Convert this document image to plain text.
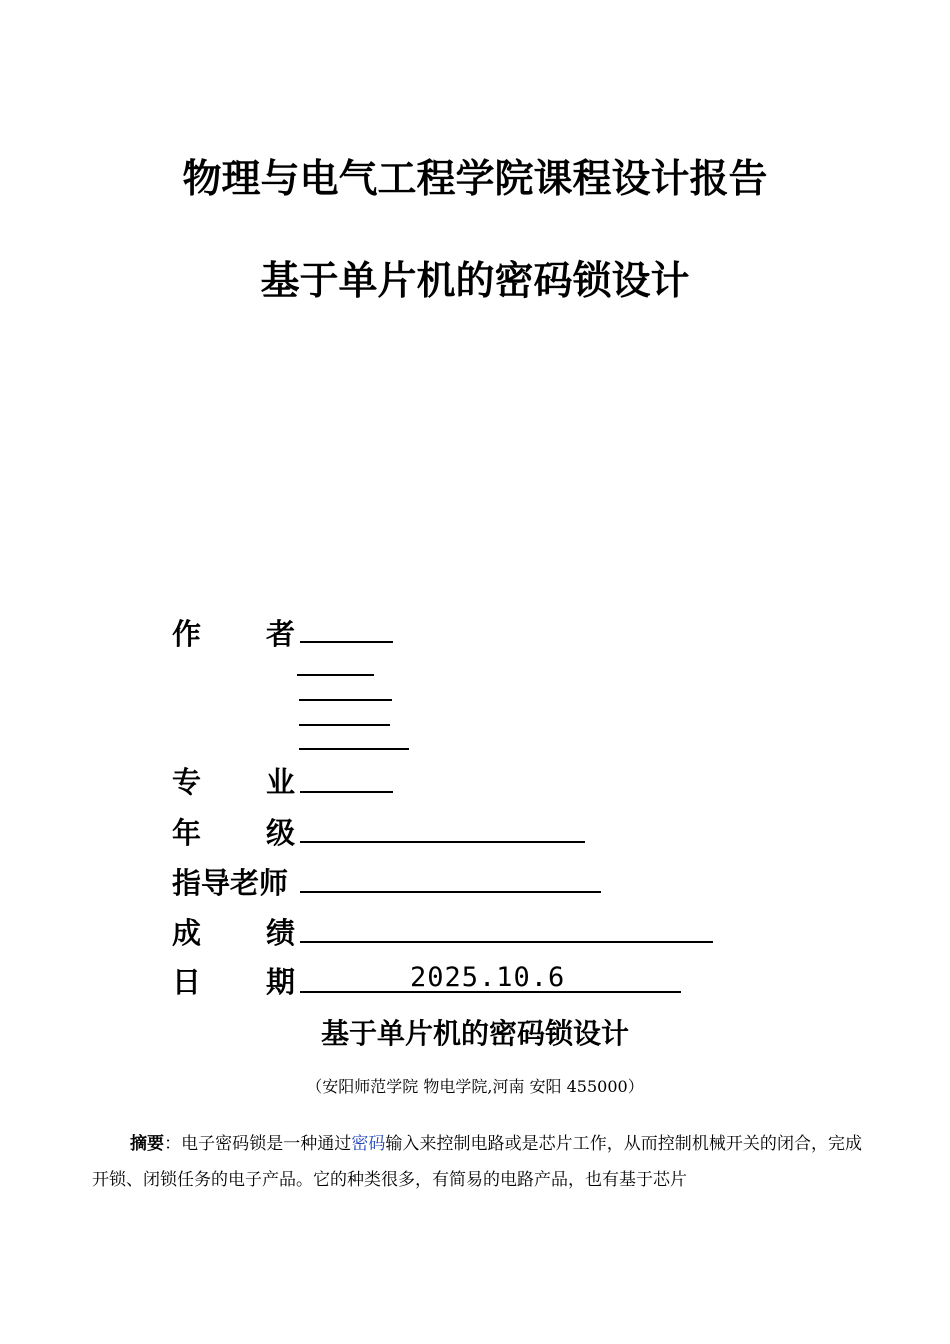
物理与电气工程学院课程设计报告
基于单片机的密码锁设计
作 者
专 业
年 级
指导老师
成 绩
日 期	2025.10.6
基于单片机的密码锁设计
（安阳师范学院 物电学院,河南 安阳 455000）
摘要：电子密码锁是一种通过密码输入来控制电路或是芯片工作，从而控制机械开关的闭合，完成开锁、闭锁任务的电子产品。它的种类很多，有简易的电路产品，也有基于芯片
